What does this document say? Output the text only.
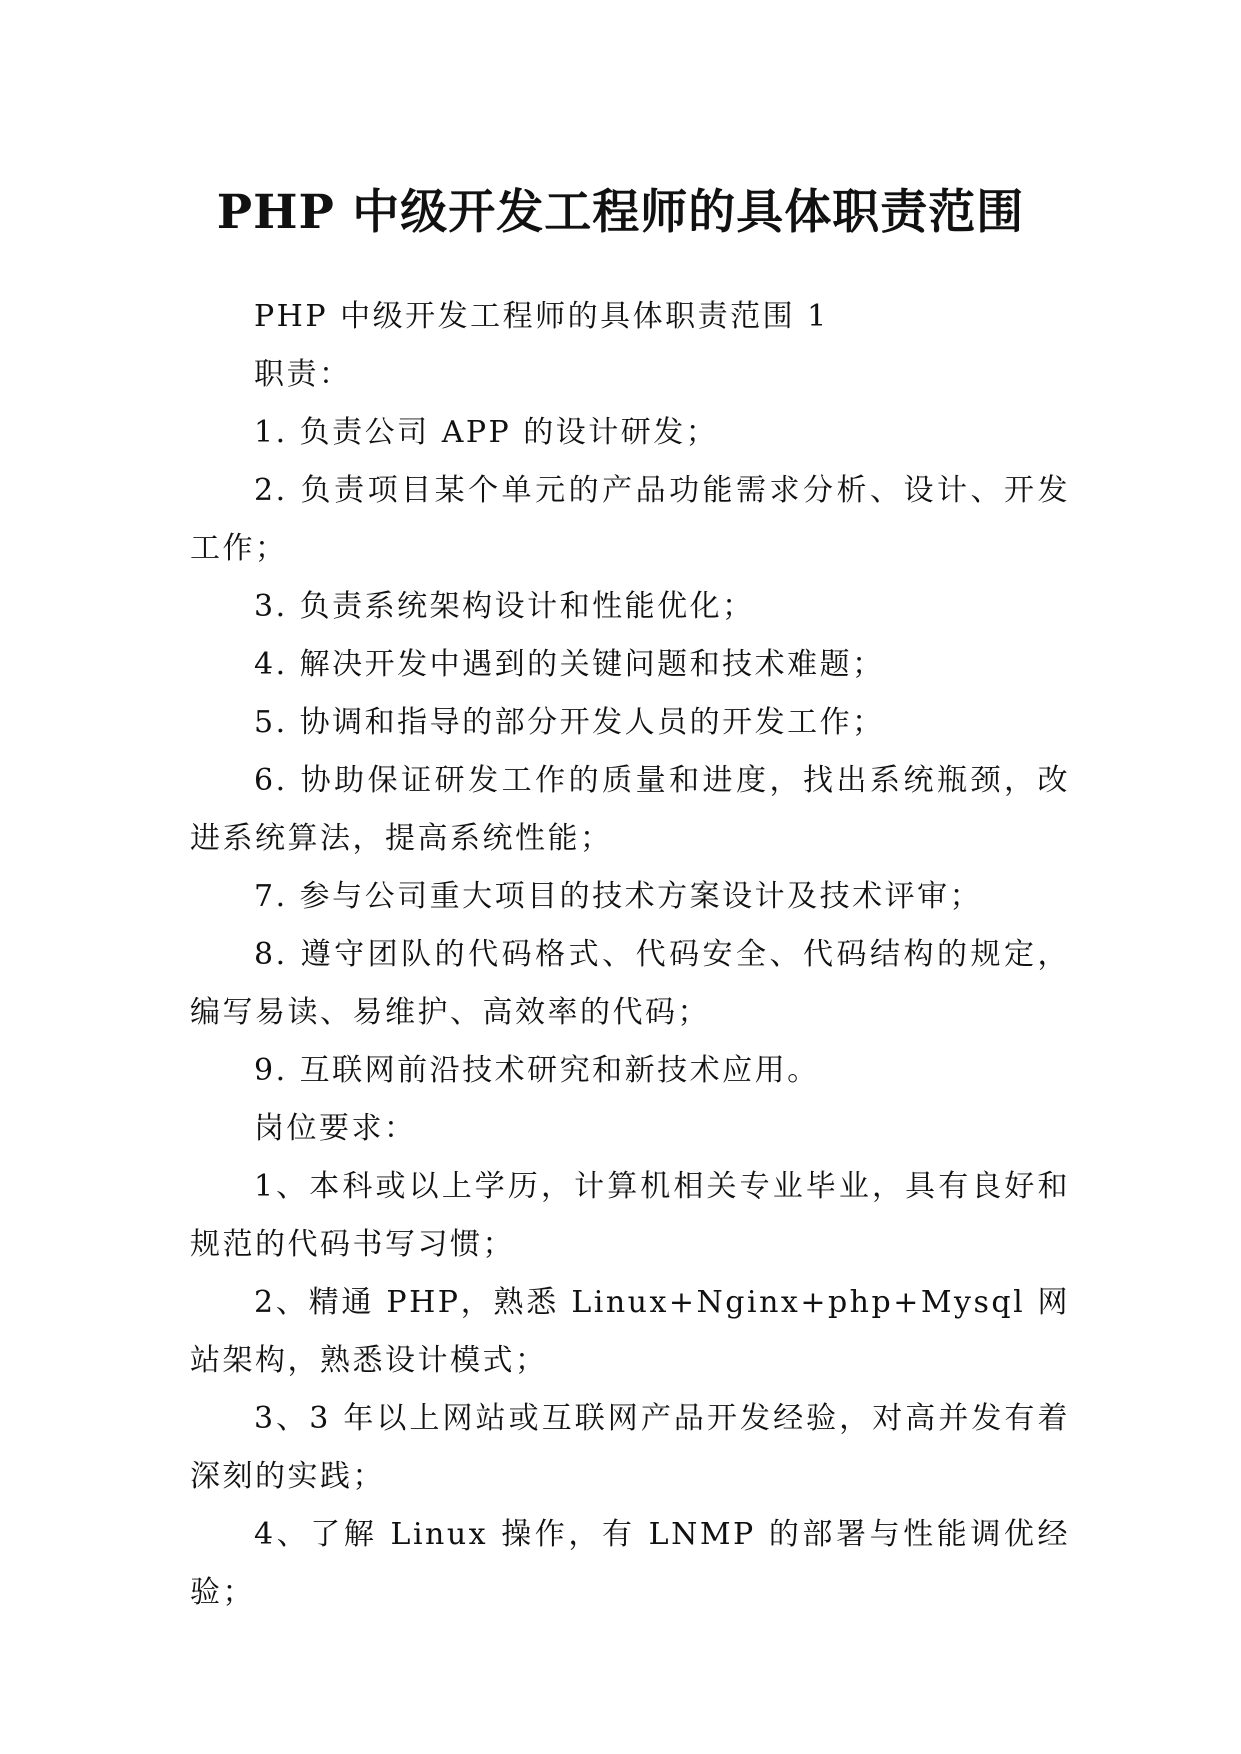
PHP 中级开发工程师的具体职责范围

PHP 中级开发工程师的具体职责范围 1

职责：

1. 负责公司 APP 的设计研发；

2. 负责项目某个单元的产品功能需求分析、设计、开发工作；

3. 负责系统架构设计和性能优化；

4. 解决开发中遇到的关键问题和技术难题；

5. 协调和指导的部分开发人员的开发工作；

6. 协助保证研发工作的质量和进度，找出系统瓶颈，改进系统算法，提高系统性能；

7. 参与公司重大项目的技术方案设计及技术评审；

8. 遵守团队的代码格式、代码安全、代码结构的规定，编写易读、易维护、高效率的代码；

9. 互联网前沿技术研究和新技术应用。

岗位要求：

1、本科或以上学历，计算机相关专业毕业，具有良好和规范的代码书写习惯；

2、精通 PHP，熟悉 Linux+Nginx+php+Mysql 网站架构，熟悉设计模式；

3、3 年以上网站或互联网产品开发经验，对高并发有着深刻的实践；

4、了解 Linux 操作，有 LNMP 的部署与性能调优经验；
